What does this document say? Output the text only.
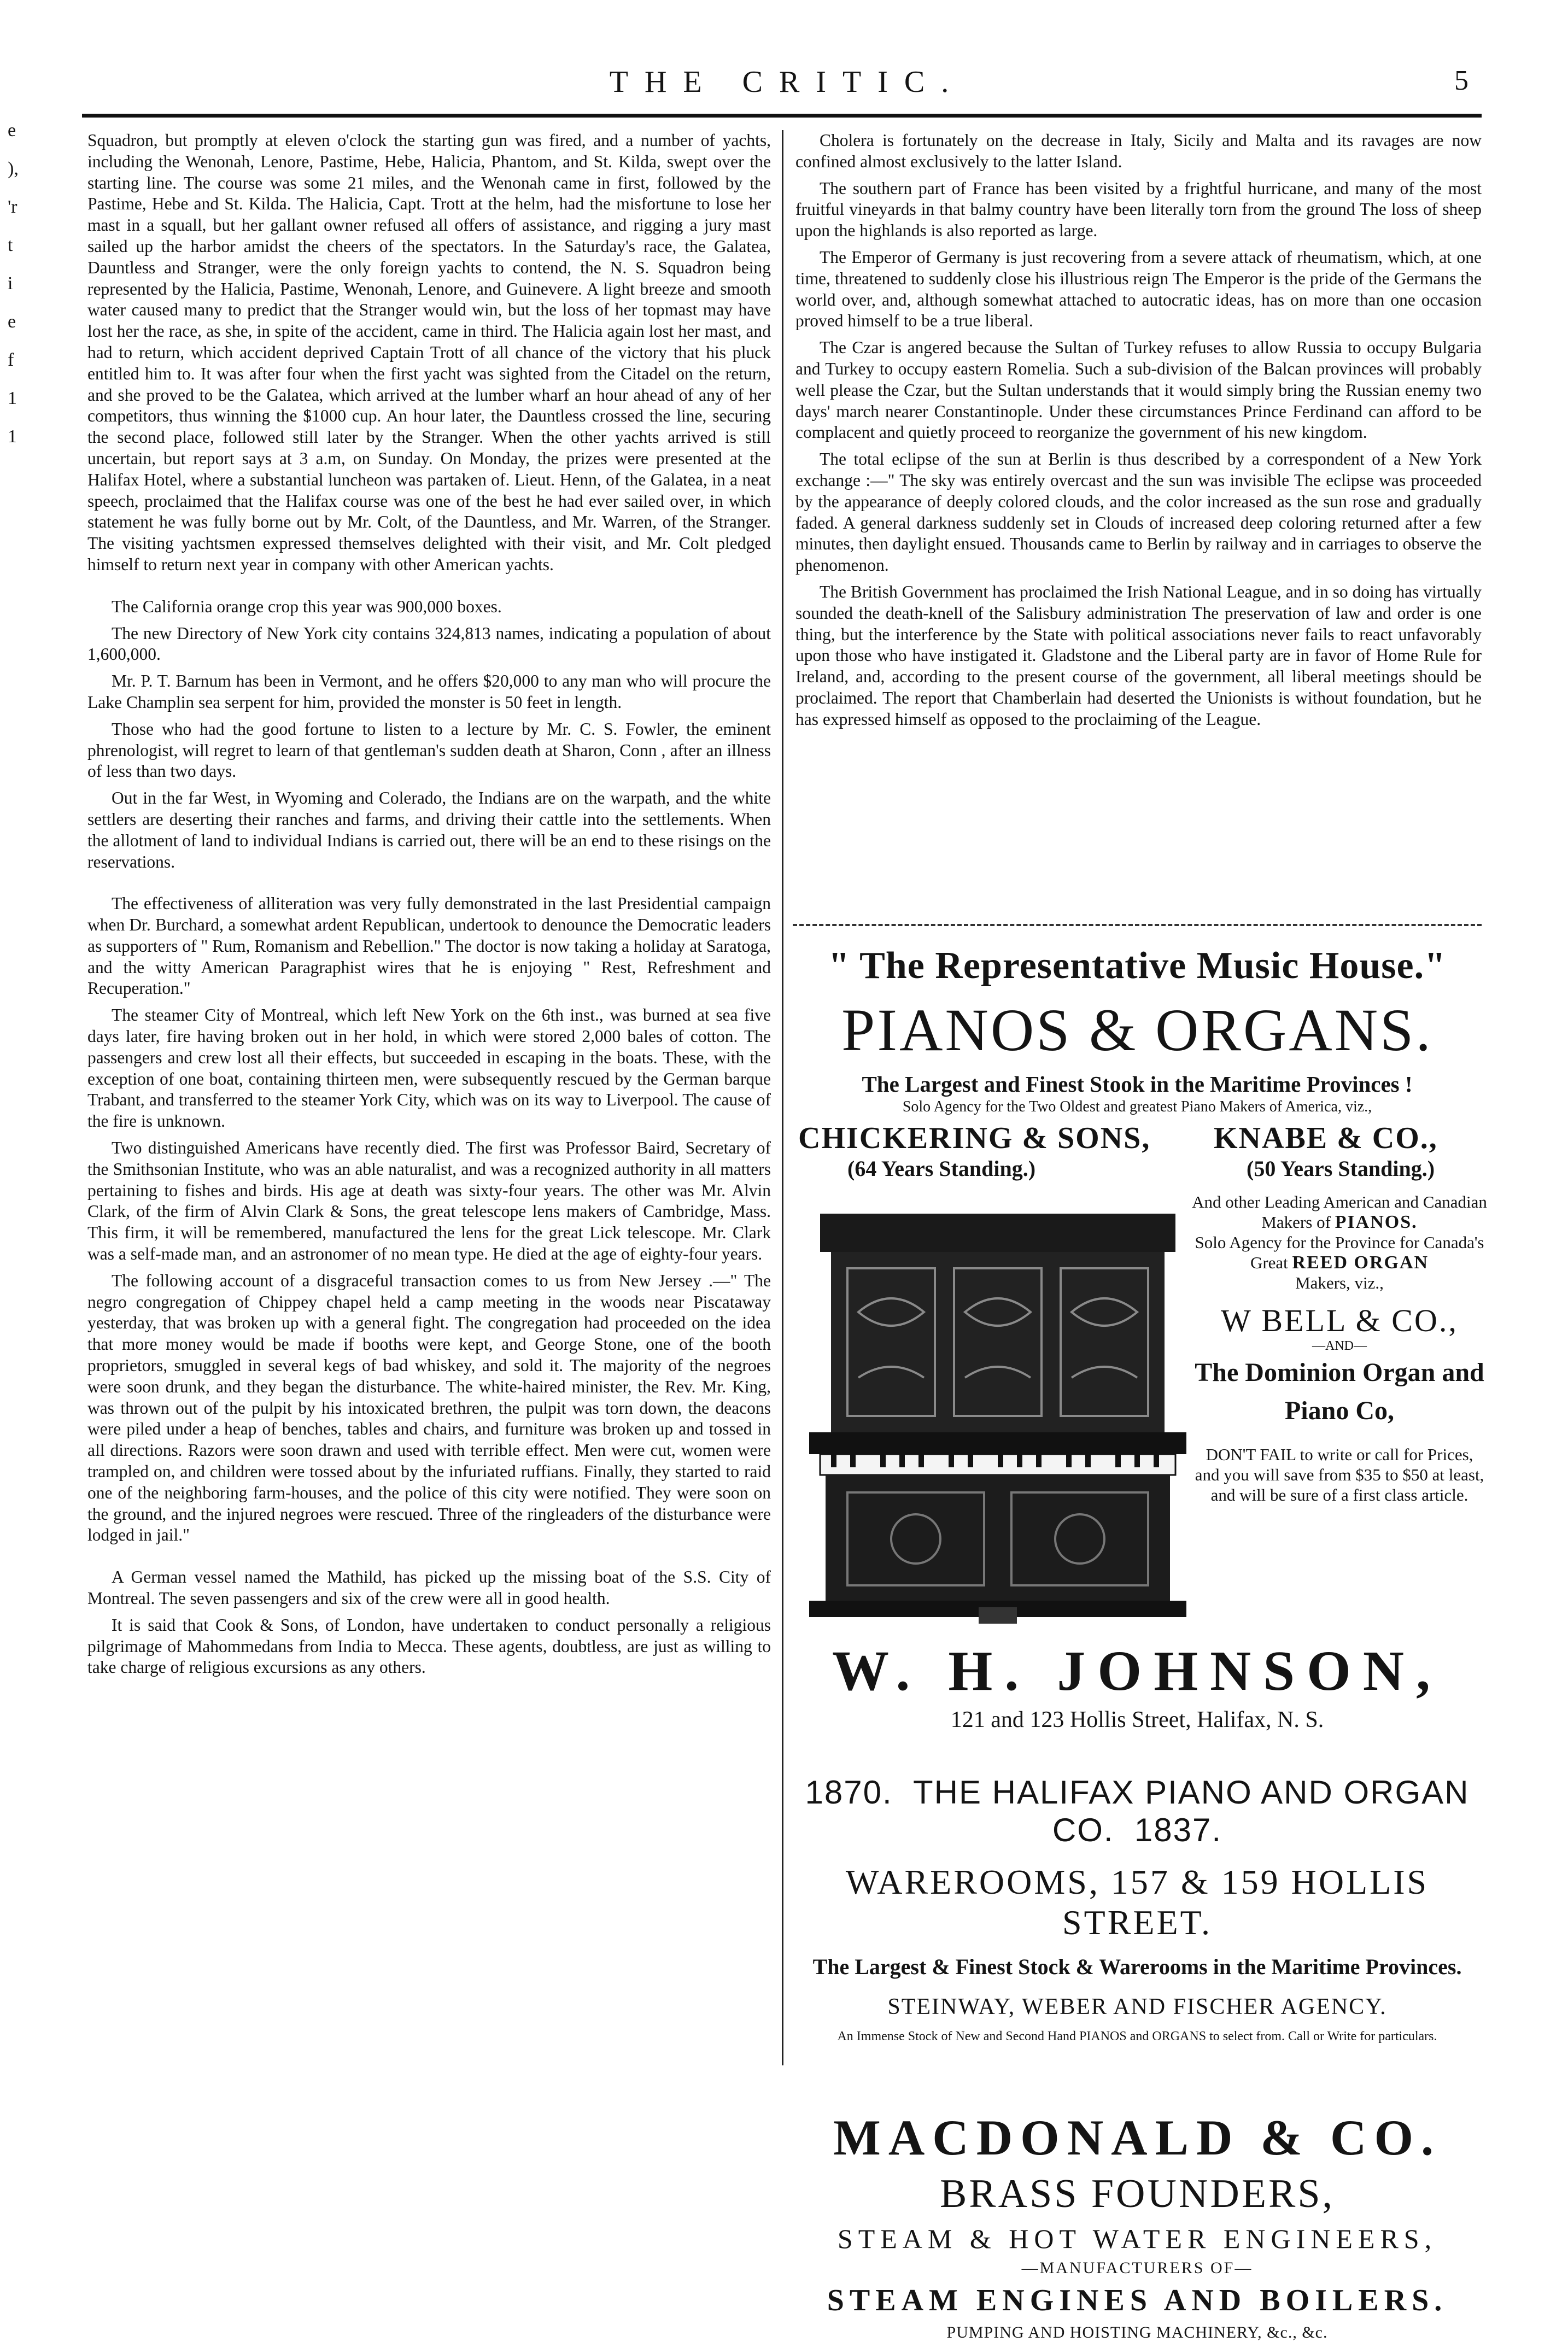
THE CRITIC.	5
e
),
'r
t
i
e
f
1
1

Squadron, but promptly at eleven o'clock the starting gun was fired, and a number of yachts, including the Wenonah, Lenore, Pastime, Hebe, Halicia, Phantom, and St. Kilda, swept over the starting line. The course was some 21 miles, and the Wenonah came in first, followed by the Pastime, Hebe and St. Kilda. The Halicia, Capt. Trott at the helm, had the misfortune to lose her mast in a squall, but her gallant owner refused all offers of assistance, and rigging a jury mast sailed up the harbor amidst the cheers of the spectators. In the Saturday's race, the Galatea, Dauntless and Stranger, were the only foreign yachts to contend, the N. S. Squadron being represented by the Halicia, Pastime, Wenonah, Lenore, and Guinevere. A light breeze and smooth water caused many to predict that the Stranger would win, but the loss of her topmast may have lost her the race, as she, in spite of the accident, came in third. The Halicia again lost her mast, and had to return, which accident deprived Captain Trott of all chance of the victory that his pluck entitled him to. It was after four when the first yacht was sighted from the Citadel on the return, and she proved to be the Galatea, which arrived at the lumber wharf an hour ahead of any of her competitors, thus winning the $1000 cup. An hour later, the Dauntless crossed the line, securing the second place, followed still later by the Stranger. When the other yachts arrived is still uncertain, but report says at 3 a.m, on Sunday. On Monday, the prizes were presented at the Halifax Hotel, where a substantial luncheon was partaken of. Lieut. Henn, of the Galatea, in a neat speech, proclaimed that the Halifax course was one of the best he had ever sailed over, in which statement he was fully borne out by Mr. Colt, of the Dauntless, and Mr. Warren, of the Stranger. The visiting yachtsmen expressed themselves delighted with their visit, and Mr. Colt pledged himself to return next year in company with other American yachts.

The California orange crop this year was 900,000 boxes.

The new Directory of New York city contains 324,813 names, indicating a population of about 1,600,000.

Mr. P. T. Barnum has been in Vermont, and he offers $20,000 to any man who will procure the Lake Champlin sea serpent for him, provided the monster is 50 feet in length.

Those who had the good fortune to listen to a lecture by Mr. C. S. Fowler, the eminent phrenologist, will regret to learn of that gentleman's sudden death at Sharon, Conn , after an illness of less than two days.

Out in the far West, in Wyoming and Colerado, the Indians are on the warpath, and the white settlers are deserting their ranches and farms, and driving their cattle into the settlements. When the allotment of land to individual Indians is carried out, there will be an end to these risings on the reservations.

The effectiveness of alliteration was very fully demonstrated in the last Presidential campaign when Dr. Burchard, a somewhat ardent Republican, undertook to denounce the Democratic leaders as supporters of " Rum, Romanism and Rebellion." The doctor is now taking a holiday at Saratoga, and the witty American Paragraphist wires that he is enjoying " Rest, Refreshment and Recuperation."

The steamer City of Montreal, which left New York on the 6th inst., was burned at sea five days later, fire having broken out in her hold, in which were stored 2,000 bales of cotton. The passengers and crew lost all their effects, but succeeded in escaping in the boats. These, with the exception of one boat, containing thirteen men, were subsequently rescued by the German barque Trabant, and transferred to the steamer York City, which was on its way to Liverpool. The cause of the fire is unknown.

Two distinguished Americans have recently died. The first was Professor Baird, Secretary of the Smithsonian Institute, who was an able naturalist, and was a recognized authority in all matters pertaining to fishes and birds. His age at death was sixty-four years. The other was Mr. Alvin Clark, of the firm of Alvin Clark & Sons, the great telescope lens makers of Cambridge, Mass. This firm, it will be remembered, manufactured the lens for the great Lick telescope. Mr. Clark was a self-made man, and an astronomer of no mean type. He died at the age of eighty-four years.

The following account of a disgraceful transaction comes to us from New Jersey .—" The negro congregation of Chippey chapel held a camp meeting in the woods near Piscataway yesterday, that was broken up with a general fight. The congregation had proceeded on the idea that more money would be made if booths were kept, and George Stone, one of the booth proprietors, smuggled in several kegs of bad whiskey, and sold it. The majority of the negroes were soon drunk, and they began the disturbance. The white-haired minister, the Rev. Mr. King, was thrown out of the pulpit by his intoxicated brethren, the pulpit was torn down, the deacons were piled under a heap of benches, tables and chairs, and furniture was broken up and tossed in all directions. Razors were soon drawn and used with terrible effect. Men were cut, women were trampled on, and children were tossed about by the infuriated ruffians. Finally, they started to raid one of the neighboring farm-houses, and the police of this city were notified. They were soon on the ground, and the injured negroes were rescued. Three of the ringleaders of the disturbance were lodged in jail."

A German vessel named the Mathild, has picked up the missing boat of the S.S. City of Montreal. The seven passengers and six of the crew were all in good health.

It is said that Cook & Sons, of London, have undertaken to conduct personally a religious pilgrimage of Mahommedans from India to Mecca. These agents, doubtless, are just as willing to take charge of religious excursions as any others.

Cholera is fortunately on the decrease in Italy, Sicily and Malta and its ravages are now confined almost exclusively to the latter Island.

The southern part of France has been visited by a frightful hurricane, and many of the most fruitful vineyards in that balmy country have been literally torn from the ground The loss of sheep upon the highlands is also reported as large.

The Emperor of Germany is just recovering from a severe attack of rheumatism, which, at one time, threatened to suddenly close his illustrious reign The Emperor is the pride of the Germans the world over, and, although somewhat attached to autocratic ideas, has on more than one occasion proved himself to be a true liberal.

The Czar is angered because the Sultan of Turkey refuses to allow Russia to occupy Bulgaria and Turkey to occupy eastern Romelia. Such a sub-division of the Balcan provinces will probably well please the Czar, but the Sultan understands that it would simply bring the Russian enemy two days' march nearer Constantinople. Under these circumstances Prince Ferdinand can afford to be complacent and quietly proceed to reorganize the government of his new kingdom.

The total eclipse of the sun at Berlin is thus described by a correspondent of a New York exchange :—" The sky was entirely overcast and the sun was invisible The eclipse was proceeded by the appearance of deeply colored clouds, and the color increased as the sun rose and gradually faded. A general darkness suddenly set in Clouds of increased deep coloring returned after a few minutes, then daylight ensued. Thousands came to Berlin by railway and in carriages to observe the phenomenon.

The British Government has proclaimed the Irish National League, and in so doing has virtually sounded the death-knell of the Salisbury administration The preservation of law and order is one thing, but the interference by the State with political associations never fails to react unfavorably upon those who have instigated it. Gladstone and the Liberal party are in favor of Home Rule for Ireland, and, according to the present course of the government, all liberal meetings should be proclaimed. The report that Chamberlain had deserted the Unionists is without foundation, but he has expressed himself as opposed to the proclaiming of the League.

" The Representative Music House."
PIANOS & ORGANS.
The Largest and Finest Stook in the Maritime Provinces !
Solo Agency for the Two Oldest and greatest Piano Makers of America, viz.,
CHICKERING & SONS, KNABE & CO.,
(64 Years Standing.)	(50 Years Standing.)
And other Leading American and Canadian Makers of PIANOS.
Solo Agency for the Province for Canada's Great REED ORGAN
Makers, viz.,
W BELL & CO.,
—AND—
The Dominion Organ and Piano Co,
DON'T FAIL to write or call for Prices, and you will save from $35 to $50 at least, and will be sure of a first class article.
W. H. JOHNSON,
121 and 123 Hollis Street, Halifax, N. S.
1870. THE HALIFAX PIANO AND ORGAN CO. 1837.
WAREROOMS, 157 & 159 HOLLIS STREET.
The Largest & Finest Stock & Warerooms in the Maritime Provinces.
STEINWAY, WEBER AND FISCHER AGENCY.
An Immense Stock of New and Second Hand PIANOS and ORGANS to select from. Call or Write for particulars.
MACDONALD & CO.
BRASS FOUNDERS,
STEAM & HOT WATER ENGINEERS,
—MANUFACTURERS OF—
STEAM ENGINES AND BOILERS.
PUMPING AND HOISTING MACHINERY, &c., &c.
